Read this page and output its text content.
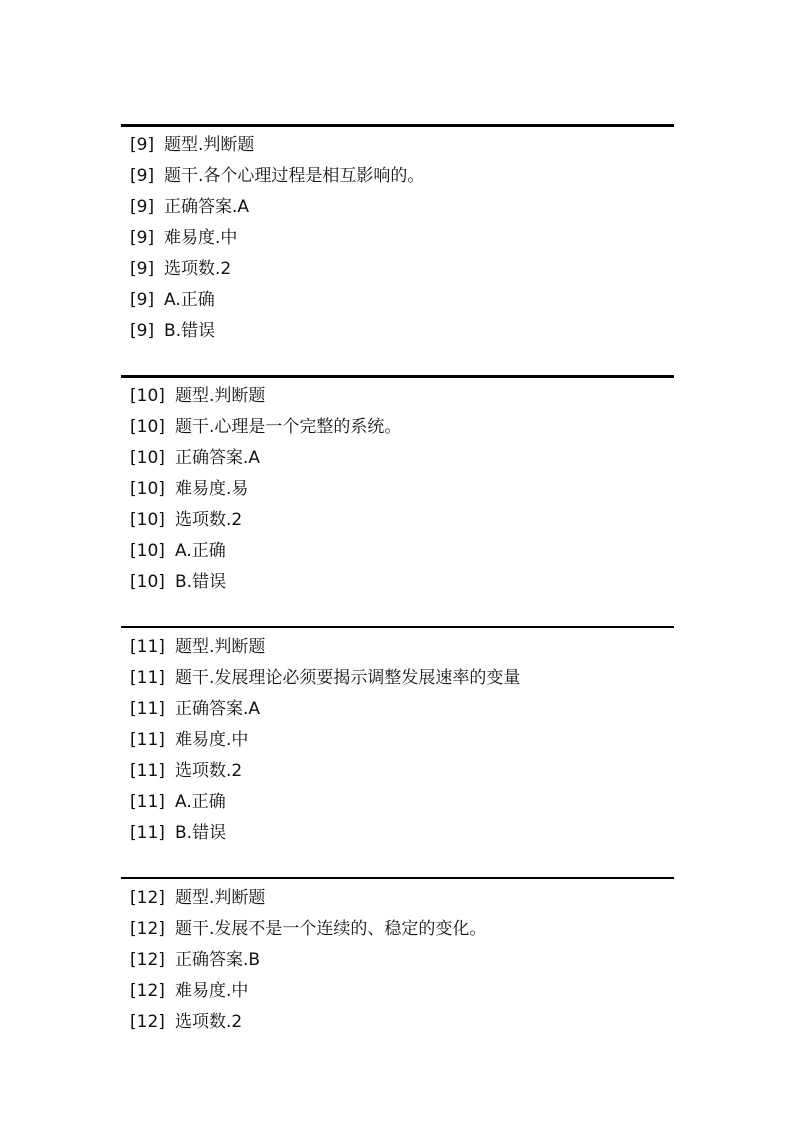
[9] 题型.判断题
[9] 题干.各个心理过程是相互影响的。
[9] 正确答案.A
[9] 难易度.中
[9] 选项数.2
[9] A.正确
[9] B.错误
[10] 题型.判断题
[10] 题干.心理是一个完整的系统。
[10] 正确答案.A
[10] 难易度.易
[10] 选项数.2
[10] A.正确
[10] B.错误
[11] 题型.判断题
[11] 题干.发展理论必须要揭示调整发展速率的变量
[11] 正确答案.A
[11] 难易度.中
[11] 选项数.2
[11] A.正确
[11] B.错误
[12] 题型.判断题
[12] 题干.发展不是一个连续的、稳定的变化。
[12] 正确答案.B
[12] 难易度.中
[12] 选项数.2
